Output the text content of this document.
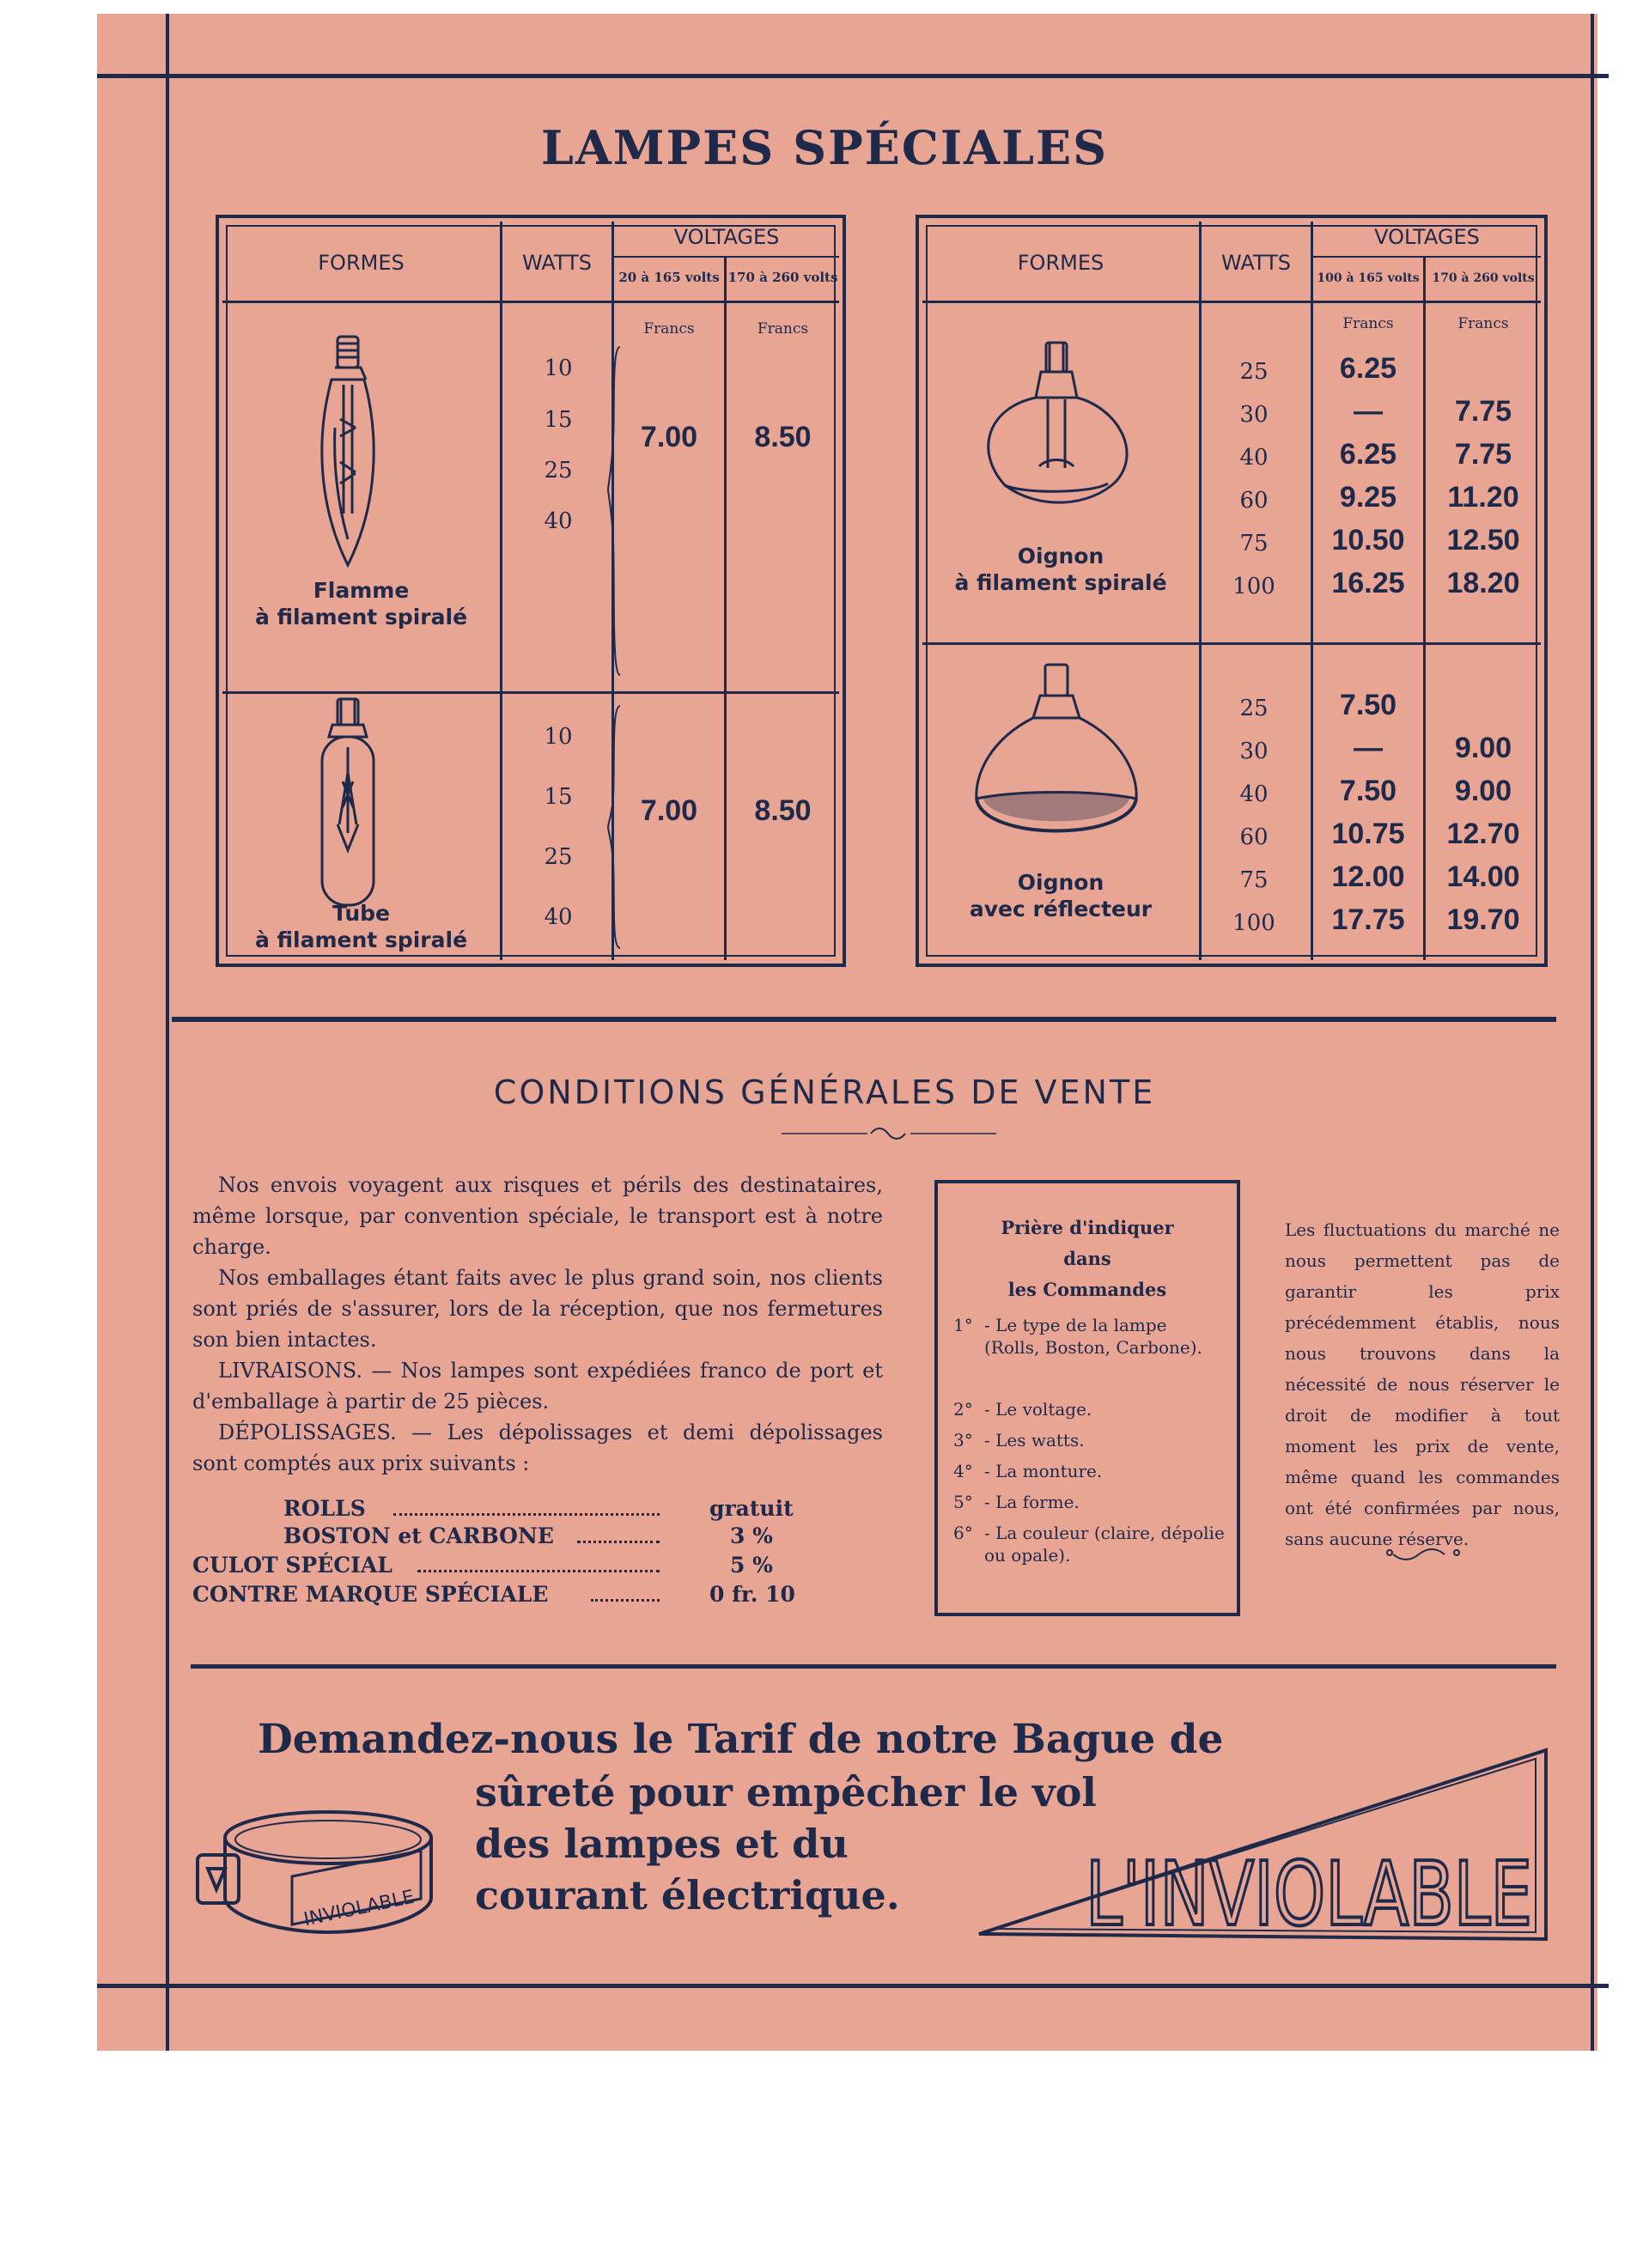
LAMPES SPÉCIALES
FORMES	WATTS
VOLTAGES
20 à 165 volts 170 à 260 volts
Francs	Francs
Flamme
à filament spiralé
10
15
25
40
7.00	8.50
Tube
à filament spiralé
10
15
25
40
7.00	8.50
FORMES	WATTS
VOLTAGES
100 à 165 volts	170 à 260 volts
Francs	Francs
Oignon
à filament spiralé
25	6.25
30	—	7.75
40	6.25	7.75
60	9.25	11.20
75	10.50	12.50
100	16.25	18.20
Oignon
avec réflecteur
25	7.50
30	—	9.00
40	7.50	9.00
60	10.75	12.70
75	12.00	14.00
100	17.75	19.70
CONDITIONS GÉNÉRALES DE VENTE
Nos envois voyagent aux risques et périls des destinataires, même lorsque, par convention spéciale, le transport est à notre charge.
Nos emballages étant faits avec le plus grand soin, nos clients sont priés de s'assurer, lors de la réception, que nos fermetures son bien intactes.
LIVRAISONS. — Nos lampes sont expédiées franco de port et d'emballage à partir de 25 pièces.
DÉPOLISSAGES. — Les dépolissages et demi dépolissages sont comptés aux prix suivants :
ROLLS	gratuit
BOSTON et CARBONE	3 %
CULOT SPÉCIAL	5 %
CONTRE MARQUE SPÉCIALE	0 fr. 10
Prière d'indiquer
dans
les Commandes
1° - Le type de la lampe (Rolls, Boston, Carbone).
2° - Le voltage.
3° - Les watts.
4° - La monture.
5° - La forme.
6° - La couleur (claire, dépolie ou opale).
Les fluctuations du marché ne nous permettent pas de garantir les prix précédemment établis, nous nous trouvons dans la nécessité de nous réserver le droit de modifier à tout moment les prix de vente, même quand les commandes ont été confirmées par nous, sans aucune réserve.
Demandez-nous le Tarif de notre Bague de
sûreté pour empêcher le vol
des lampes et du
courant électrique.
INVIOLABLE	L'INVIOLABLE
